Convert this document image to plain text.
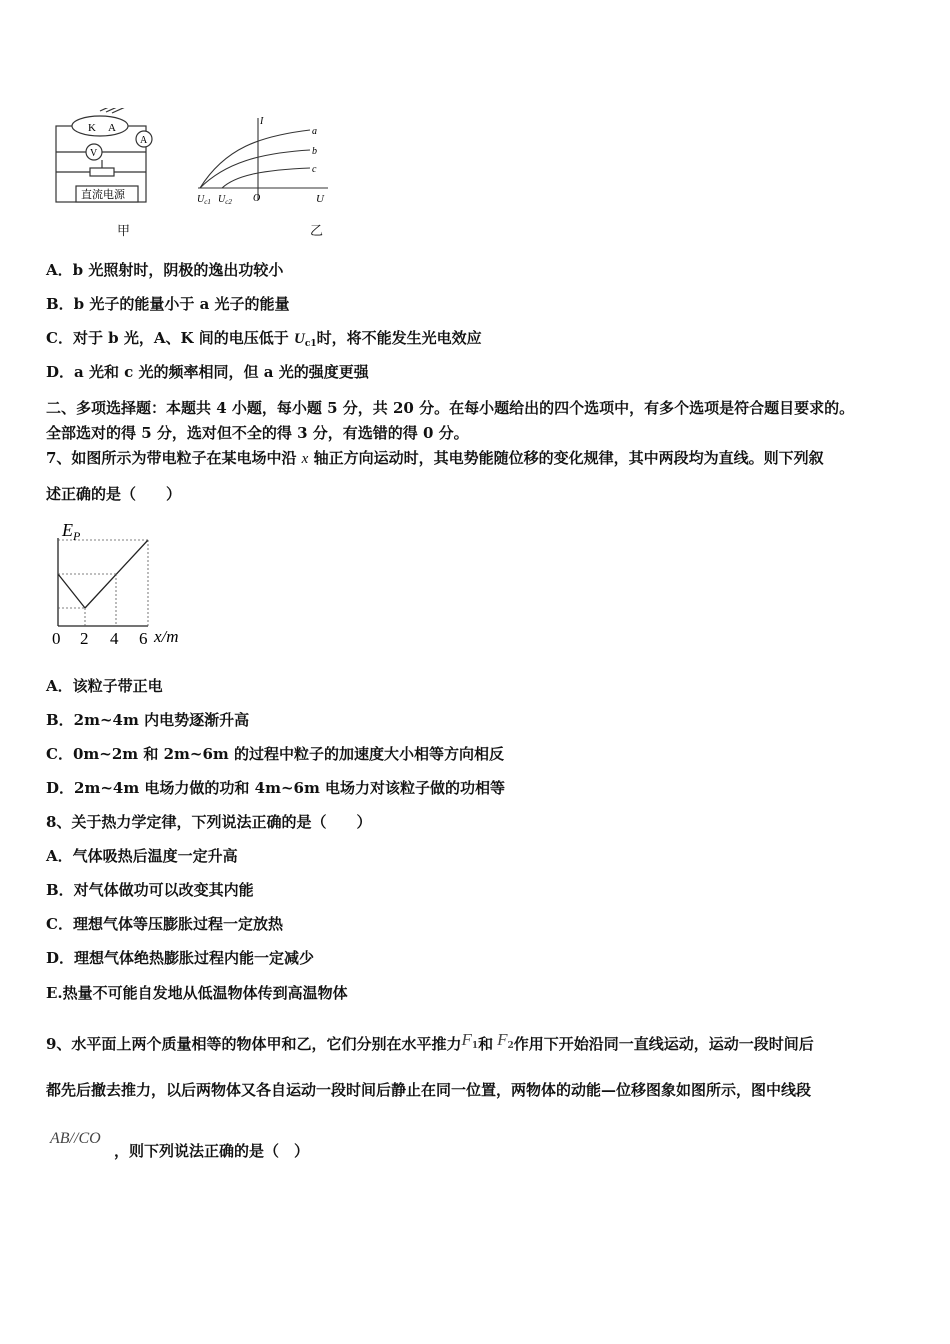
K A
A
V
直流电源
I
U
O
$U_{c1}$ $U_{c2}$
a
b
c
甲	乙
A．b 光照射时，阴极的逸出功较小
B．b 光子的能量小于 a 光子的能量
C．对于 b 光，A、K 间的电压低于 $U_{c1}$时，将不能发生光电效应
D．a 光和 c 光的频率相同，但 a 光的强度更强
二、多项选择题：本题共 4 小题，每小题 5 分，共 20 分。在每小题给出的四个选项中，有多个选项是符合题目要求的。
全部选对的得 5 分，选对但不全的得 3 分，有选错的得 0 分。
7、如图所示为带电粒子在某电场中沿 x 轴正方向运动时，其电势能随位移的变化规律，其中两段均为直线。则下列叙
述正确的是（　　）
$E_P$
0 2 4 6 x/m
A．该粒子带正电
B．2m~4m 内电势逐渐升高
C．0m~2m 和 2m~6m 的过程中粒子的加速度大小相等方向相反
D．2m~4m 电场力做的功和 4m~6m 电场力对该粒子做的功相等
8、关于热力学定律，下列说法正确的是（　　）
A．气体吸热后温度一定升高
B．对气体做功可以改变其内能
C．理想气体等压膨胀过程一定放热
D．理想气体绝热膨胀过程内能一定减少
E.热量不可能自发地从低温物体传到高温物体
9、水平面上两个质量相等的物体甲和乙，它们分别在水平推力F1和 F2作用下开始沿同一直线运动，运动一段时间后
都先后撤去推力，以后两物体又各自运动一段时间后静止在同一位置，两物体的动能—位移图象如图所示，图中线段
AB//CO
，则下列说法正确的是（　）
